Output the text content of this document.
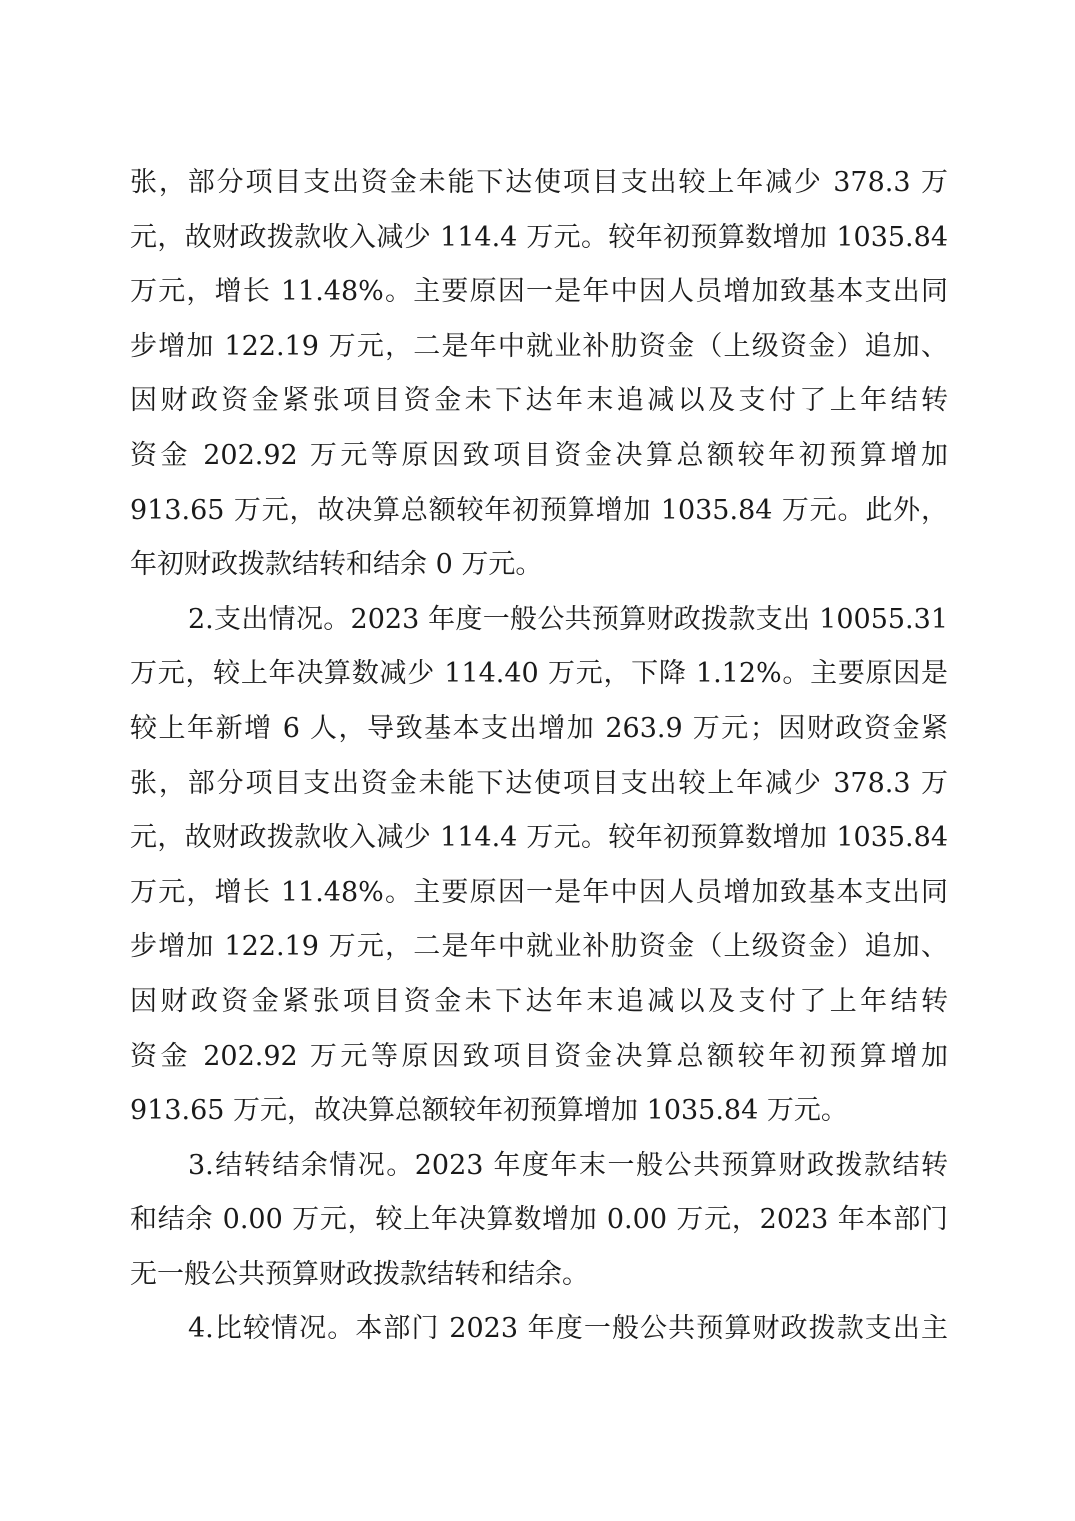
张，部分项目支出资金未能下达使项目支出较上年减少 378.3 万
元，故财政拨款收入减少 114.4 万元。较年初预算数增加 1035.84
万元，增长 11.48%。主要原因一是年中因人员增加致基本支出同
步增加 122.19 万元，二是年中就业补肋资金（上级资金）追加、
因财政资金紧张项目资金未下达年末追减以及支付了上年结转
资金 202.92 万元等原因致项目资金决算总额较年初预算增加
913.65 万元，故决算总额较年初预算增加 1035.84 万元。此外，
年初财政拨款结转和结余 0 万元。
2.支出情况。2023 年度一般公共预算财政拨款支出 10055.31
万元，较上年决算数减少 114.40 万元，下降 1.12%。主要原因是
较上年新增 6 人，导致基本支出增加 263.9 万元；因财政资金紧
张，部分项目支出资金未能下达使项目支出较上年减少 378.3 万
元，故财政拨款收入减少 114.4 万元。较年初预算数增加 1035.84
万元，增长 11.48%。主要原因一是年中因人员增加致基本支出同
步增加 122.19 万元，二是年中就业补肋资金（上级资金）追加、
因财政资金紧张项目资金未下达年末追减以及支付了上年结转
资金 202.92 万元等原因致项目资金决算总额较年初预算增加
913.65 万元，故决算总额较年初预算增加 1035.84 万元。
3.结转结余情况。2023 年度年末一般公共预算财政拨款结转
和结余 0.00 万元，较上年决算数增加 0.00 万元，2023 年本部门
无一般公共预算财政拨款结转和结余。
4.比较情况。本部门 2023 年度一般公共预算财政拨款支出主
